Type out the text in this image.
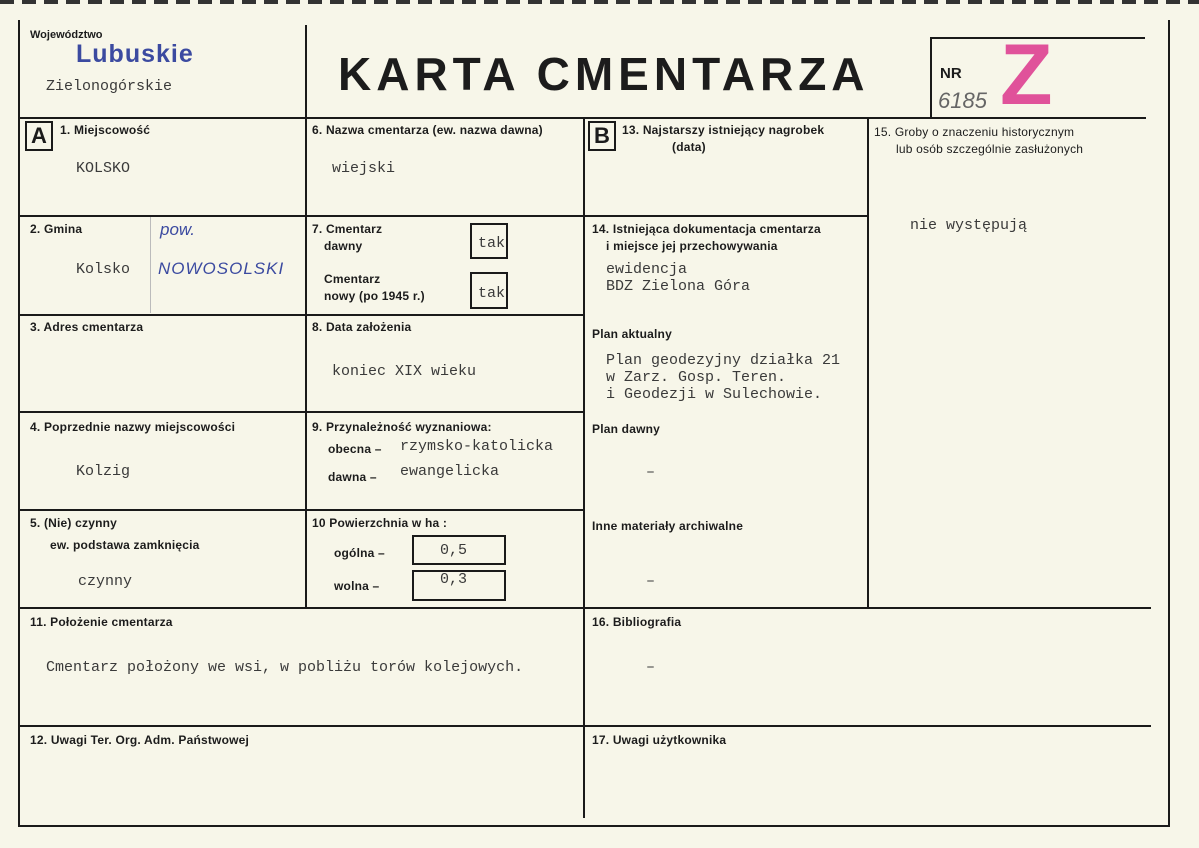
Województwo
Lubuskie
Zielonogórskie	KARTA CMENTARZA	NR
6185 Z
A	B
1. Miejscowość
KOLSKO
2. Gmina
Kolsko
pow.
NOWOSOLSKI
3. Adres cmentarza
4. Poprzednie nazwy miejscowości
Kolzig
5. (Nie) czynny
ew. podstawa zamknięcia
czynny
6. Nazwa cmentarza (ew. nazwa dawna)
wiejski
7. Cmentarz
dawny	tak
Cmentarz
nowy (po 1945 r.)	tak
8. Data założenia
koniec XIX wieku
9. Przynależność wyznaniowa:
obecna – rzymsko-katolicka
dawna – ewangelicka
10 Powierzchnia w ha :
ogólna –	0,5
wolna –	0,3
11. Położenie cmentarza
Cmentarz położony we wsi, w pobliżu torów kolejowych.
12. Uwagi Ter. Org. Adm. Państwowej
13. Najstarszy istniejący nagrobek
(data)
14. Istniejąca dokumentacja cmentarza
i miejsce jej przechowywania
ewidencja
BDZ Zielona Góra
Plan aktualny
Plan geodezyjny działka 21
w Zarz. Gosp. Teren.
i Geodezji w Sulechowie.
Plan dawny
–
Inne materiały archiwalne
–
15. Groby o znaczeniu historycznym
lub osób szczególnie zasłużonych
nie występują
16. Bibliografia
–
17. Uwagi użytkownika
